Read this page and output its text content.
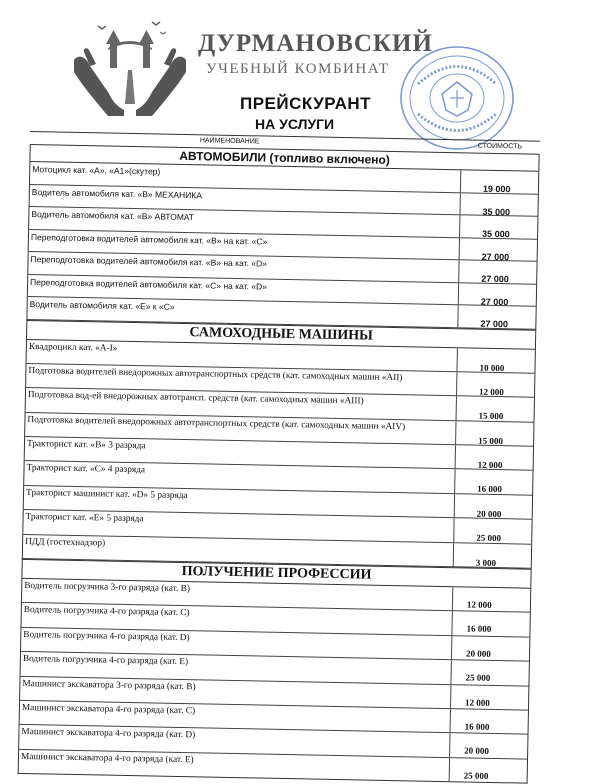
ДУРМАНОВСКИЙ
УЧЕБНЫЙ КОМБИНАТ
ПРЕЙСКУРАНТ
НА УСЛУГИ
НАИМЕНОВАНИЕ
СТОИМОСТЬ
АВТОМОБИЛИ (топливо включено)
Мотоцикл кат. «А», «А1»(скутер)
19 000
Водитель автомобиля кат. «В» МЕХАНИКА
35 000
Водитель автомобиля кат. «В» АВТОМАТ
35 000
Переподготовка водителей автомобиля кат. «В» на кат. «С»
27 000
Переподготовка водителей автомобиля кат. «В» на кат. «D»
27 000
Переподготовка водителей автомобиля кат. «С» на кат. «D»
27 000
Водитель автомобиля кат. «Е» к «С»
27 000
САМОХОДНЫЕ МАШИНЫ
Квадроцикл кат. «A-I»
10 000
Подготовка водителей внедорожных автотранспортных средств (кат. самоходных машин «AII)
12 000
Подготовка вод-ей внедорожных автотрансп. средств (кат. самоходных машин «AIII)
15 000
Подготовка водителей внедорожных автотранспортных средств (кат. самоходных машин «AIV)
15 000
Тракторист кат. «В» 3 разряда
12 000
Тракторист кат. «С» 4 разряда
16 000
Тракторист машинист кат. «D» 5 разряда
20 000
Тракторист кат. «Е» 5 разряда
25 000
ПДД (гостехнадзор)
3 000
ПОЛУЧЕНИЕ ПРОФЕССИИ
Водитель погрузчика 3-го разряда (кат. В)
12 000
Водитель погрузчика 4-го разряда (кат. С)
16 000
Водитель погрузчика 4-го разряда (кат. D)
20 000
Водитель погрузчика 4-го разряда (кат. Е)
25 000
Машинист экскаватора 3-го разряда (кат. В)
12 000
Машинист экскаватора 4-го разряда (кат. С)
16 000
Машинист экскаватора 4-го разряда (кат. D)
20 000
Машинист экскаватора 4-го разряда (кат. Е)
25 000
